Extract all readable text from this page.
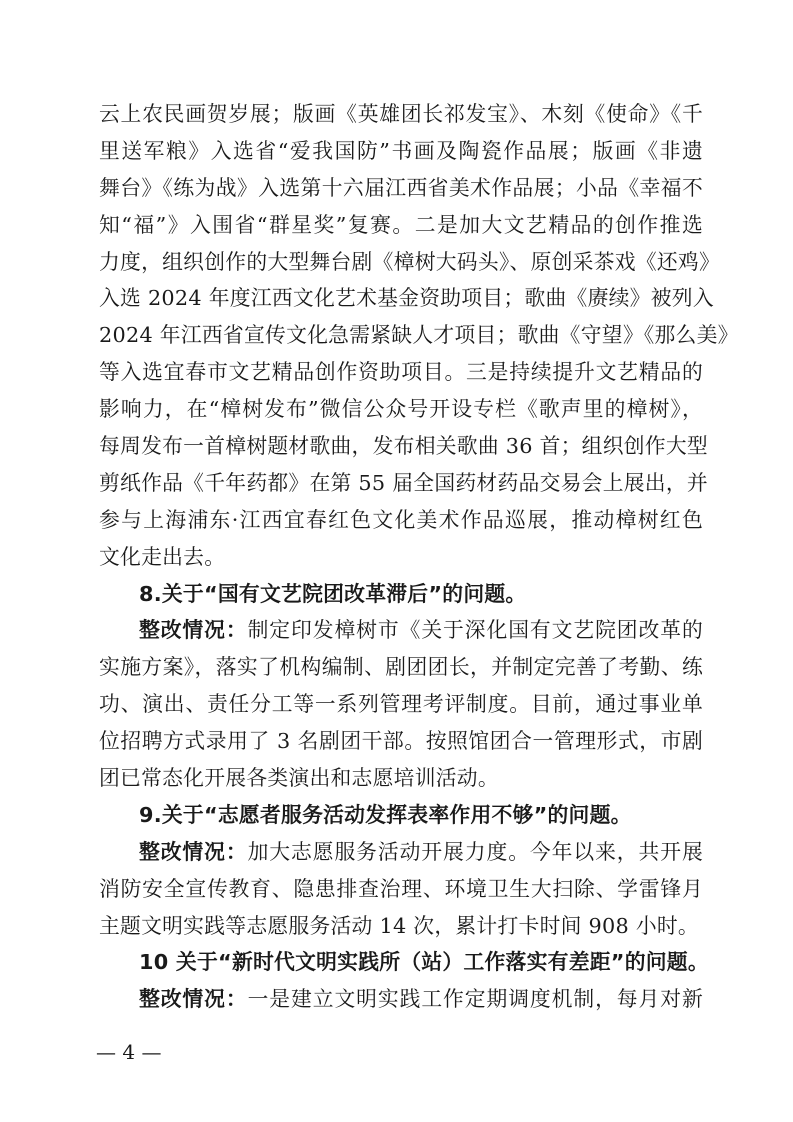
云上农民画贺岁展；版画《英雄团长祁发宝》、木刻《使命》《千
里送军粮》入选省“爱我国防”书画及陶瓷作品展；版画《非遗
舞台》《练为战》入选第十六届江西省美术作品展；小品《幸福不
知“福”》入围省“群星奖”复赛。二是加大文艺精品的创作推选
力度，组织创作的大型舞台剧《樟树大码头》、原创采茶戏《还鸡》
入选 2024 年度江西文化艺术基金资助项目；歌曲《赓续》被列入
2024 年江西省宣传文化急需紧缺人才项目；歌曲《守望》《那么美》
等入选宜春市文艺精品创作资助项目。三是持续提升文艺精品的
影响力，在“樟树发布”微信公众号开设专栏《歌声里的樟树》，
每周发布一首樟树题材歌曲，发布相关歌曲 36 首；组织创作大型
剪纸作品《千年药都》在第 55 届全国药材药品交易会上展出，并
参与上海浦东·江西宜春红色文化美术作品巡展，推动樟树红色
文化走出去。
8.关于“国有文艺院团改革滞后”的问题。
整改情况：制定印发樟树市《关于深化国有文艺院团改革的
实施方案》，落实了机构编制、剧团团长，并制定完善了考勤、练
功、演出、责任分工等一系列管理考评制度。目前，通过事业单
位招聘方式录用了 3 名剧团干部。按照馆团合一管理形式，市剧
团已常态化开展各类演出和志愿培训活动。
9.关于“志愿者服务活动发挥表率作用不够”的问题。
整改情况：加大志愿服务活动开展力度。今年以来，共开展
消防安全宣传教育、隐患排查治理、环境卫生大扫除、学雷锋月
主题文明实践等志愿服务活动 14 次，累计打卡时间 908 小时。
10 关于“新时代文明实践所（站）工作落实有差距”的问题。
整改情况：一是建立文明实践工作定期调度机制，每月对新
— 4 —
